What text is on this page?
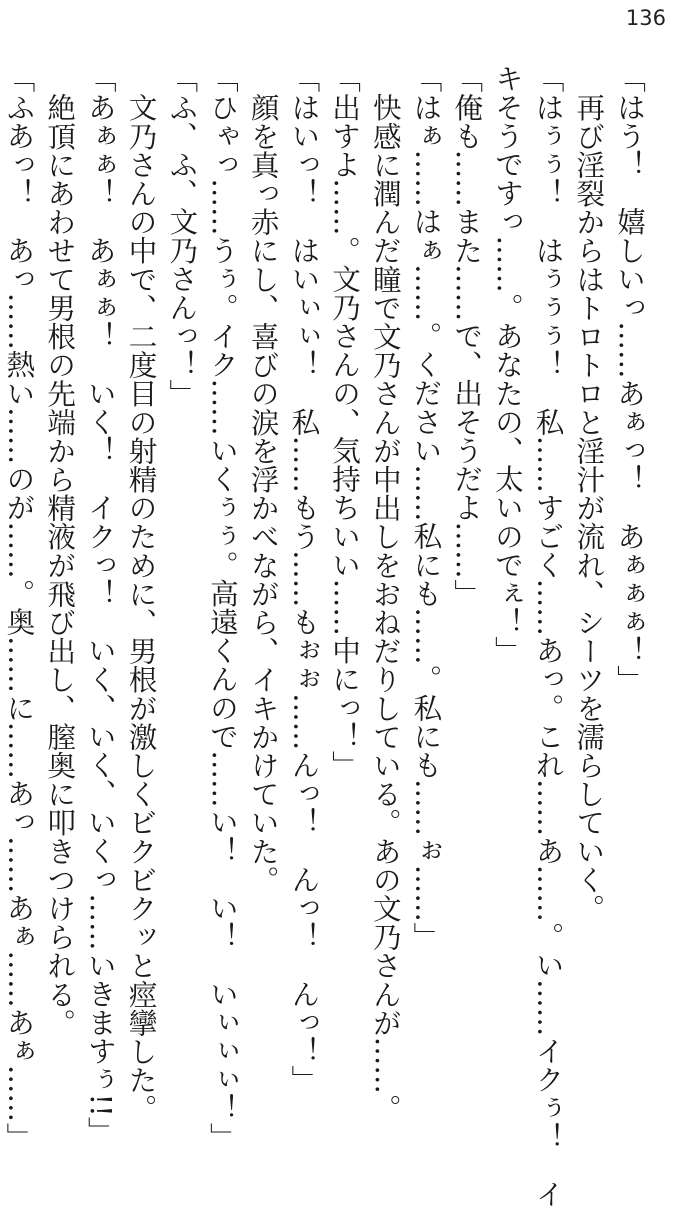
136
「はう！　嬉しいっ……あぁっ！　あぁぁぁ！」
再び淫裂からはトロトロと淫汁が流れ、シーツを濡らしていく。
「はぅぅ！　はぅぅぅ！　私……すごく……あっ。これ……あ……。い……イクぅ！　イ
キそうですっ……。あなたの、太いのでぇ！」
「俺も……また……で、出そうだよ……」
「はぁ……はぁ……。ください……私にも……。私にも……ぉ……」
快感に潤んだ瞳で文乃さんが中出しをおねだりしている。あの文乃さんが……。
「出すよ……。文乃さんの、気持ちいい……中にっ！」
「はいっ！　はいぃぃ！　私……もう……もぉぉ……んっ！　んっ！　んっ！」
顔を真っ赤にし、喜びの涙を浮かべながら、イキかけていた。
「ひゃっ……うぅ。イク……いくぅぅ。高遠くんので……い！　い！　いぃぃぃ！」
「ふ、ふ、文乃さんっ！」
文乃さんの中で、二度目の射精のために、男根が激しくビクビクッと痙攣した。
「あぁぁ！　あぁぁ！　いく！　イクっ！　いく、いく、いくっ……いきますぅ!!」
絶頂にあわせて男根の先端から精液が飛び出し、膣奥に叩きつけられる。
「ふあっ！　あっ……熱い……のが……。奥……に……あっ……あぁ……あぁ……」
